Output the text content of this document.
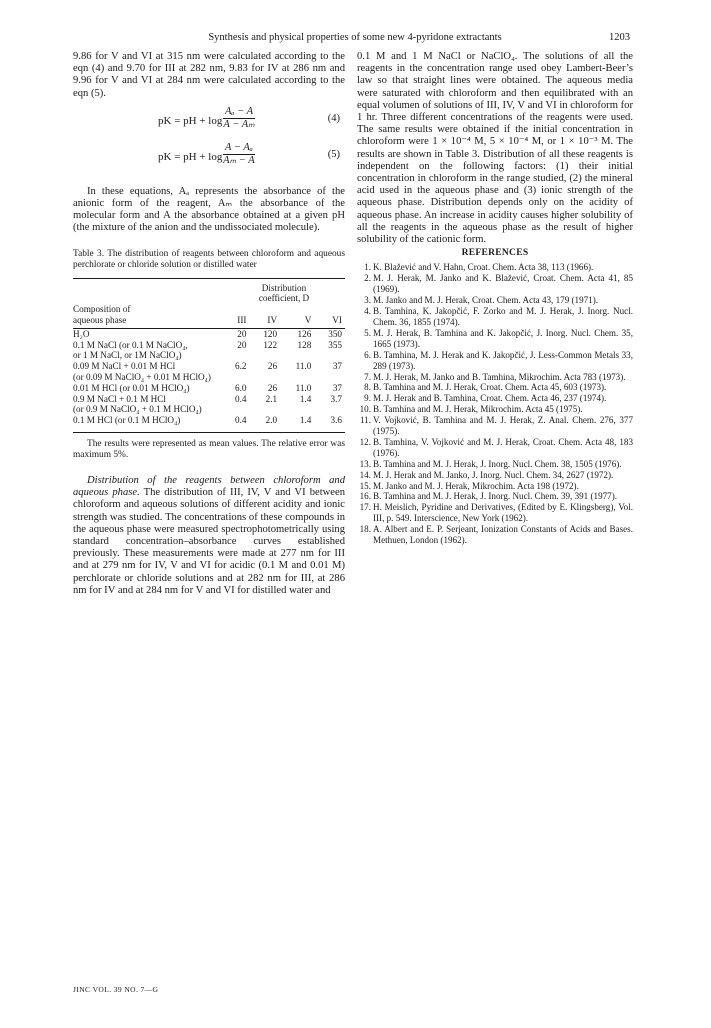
Synthesis and physical properties of some new 4-pyridone extractants	1203

9.86 for V and VI at 315 nm were calculated according to the eqn (4) and 9.70 for III at 282 nm, 9.83 for IV at 286 nm and 9.96 for V and VI at 284 nm were calculated according to the eqn (5).

pK = pH + $\log \frac{\text{Aₐ − A}}{\text{A − Aₘ}}$	(4)
pK = pH + $\log \frac{\text{A − Aₐ}}{\text{Aₘ − A}}$	(5)

In these equations, Aₐ represents the absorbance of the anionic form of the reagent, Aₘ the absorbance of the molecular form and A the absorbance obtained at a given pH (the mixture of the anion and the undissociated molecule).

Table 3. The distribution of reagents between chloroform and aqueous perchlorate or chloride solution or distilled water

	Distribution
coefficient, D			

Composition of
aqueous phase	III	IV	V	VI

H₂O	20	120	126	350

0.1 M NaCl (or 0.1 M NaClO₄,
or 1 M NaCl, or 1M NaClO₄)	20	122	128	355

0.09 M NaCl + 0.01 M HCl
(or 0.09 M NaClO₄ + 0.01 M HClO₄)	6.2	26	11.0	37

0.01 M HCl (or 0.01 M HClO₄)	6.0	26	11.0	37

0.9 M NaCl + 0.1 M HCl
(or 0.9 M NaClO₄ + 0.1 M HClO₄)	0.4	2.1	1.4	3.7

0.1 M HCl (or 0.1 M HClO₄)	0.4	2.0	1.4	3.6

The results were represented as mean values. The relative error was maximum 5%.

Distribution of the reagents between chloroform and aqueous phase. The distribution of III, IV, V and VI between chloroform and aqueous solutions of different acidity and ionic strength was studied. The concentrations of these compounds in the aqueous phase were measured spectrophotometrically using standard concentration–absorbance curves established previously. These measurements were made at 277 nm for III and at 279 nm for IV, V and VI for acidic (0.1 M and 0.01 M) perchlorate or chloride solutions and at 282 nm for III, at 286 nm for IV and at 284 nm for V and VI for distilled water and

0.1 M and 1 M NaCl or NaClO₄. The solutions of all the reagents in the concentration range used obey Lambert-Beer’s law so that straight lines were obtained. The aqueous media were saturated with chloroform and then equilibrated with an equal volumen of solutions of III, IV, V and VI in chloroform for 1 hr. Three different concentrations of the reagents were used. The same results were obtained if the initial concentration in chloroform were 1 × 10⁻⁴ M, 5 × 10⁻⁴ M, or 1 × 10⁻³ M. The results are shown in Table 3. Distribution of all these reagents is independent on the following factors: (1) their initial concentration in chloroform in the range studied, (2) the mineral acid used in the aqueous phase and (3) ionic strength of the aqueous phase. Distribution depends only on the acidity of aqueous phase. An increase in acidity causes higher solubility of all the reagents in the aqueous phase as the result of higher solubility of the cationic form.

REFERENCES
1. K. Blažević and V. Hahn, Croat. Chem. Acta 38, 113 (1966).
2. M. J. Herak, M. Janko and K. Blažević, Croat. Chem. Acta 41, 85 (1969).
3. M. Janko and M. J. Herak, Croat. Chem. Acta 43, 179 (1971).
4. B. Tamhina, K. Jakopčić, F. Zorko and M. J. Herak, J. Inorg. Nucl. Chem. 36, 1855 (1974).
5. M. J. Herak, B. Tamhina and K. Jakopčić, J. Inorg. Nucl. Chem. 35, 1665 (1973).
6. B. Tamhina, M. J. Herak and K. Jakopčić, J. Less-Common Metals 33, 289 (1973).
7. M. J. Herak, M. Janko and B. Tamhina, Mikrochim. Acta 783 (1973).
8. B. Tamhina and M. J. Herak, Croat. Chem. Acta 45, 603 (1973).
9. M. J. Herak and B. Tamhina, Croat. Chem. Acta 46, 237 (1974).
10. B. Tamhina and M. J. Herak, Mikrochim. Acta 45 (1975).
11. V. Vojković, B. Tamhina and M. J. Herak, Z. Anal. Chem. 276, 377 (1975).
12. B. Tamhina, V. Vojković and M. J. Herak, Croat. Chem. Acta 48, 183 (1976).
13. B. Tamhina and M. J. Herak, J. Inorg. Nucl. Chem. 38, 1505 (1976).
14. M. J. Herak and M. Janko, J. Inorg. Nucl. Chem. 34, 2627 (1972).
15. M. Janko and M. J. Herak, Mikrochim. Acta 198 (1972).
16. B. Tamhina and M. J. Herak, J. Inorg. Nucl. Chem. 39, 391 (1977).
17. H. Meislich, Pyridine and Derivatives, (Edited by E. Klingsberg), Vol. III, p. 549. Interscience, New York (1962).
18. A. Albert and E. P. Serjeant, Ionization Constants of Acids and Bases. Methuen, London (1962).
JINC VOL. 39 NO. 7—G
